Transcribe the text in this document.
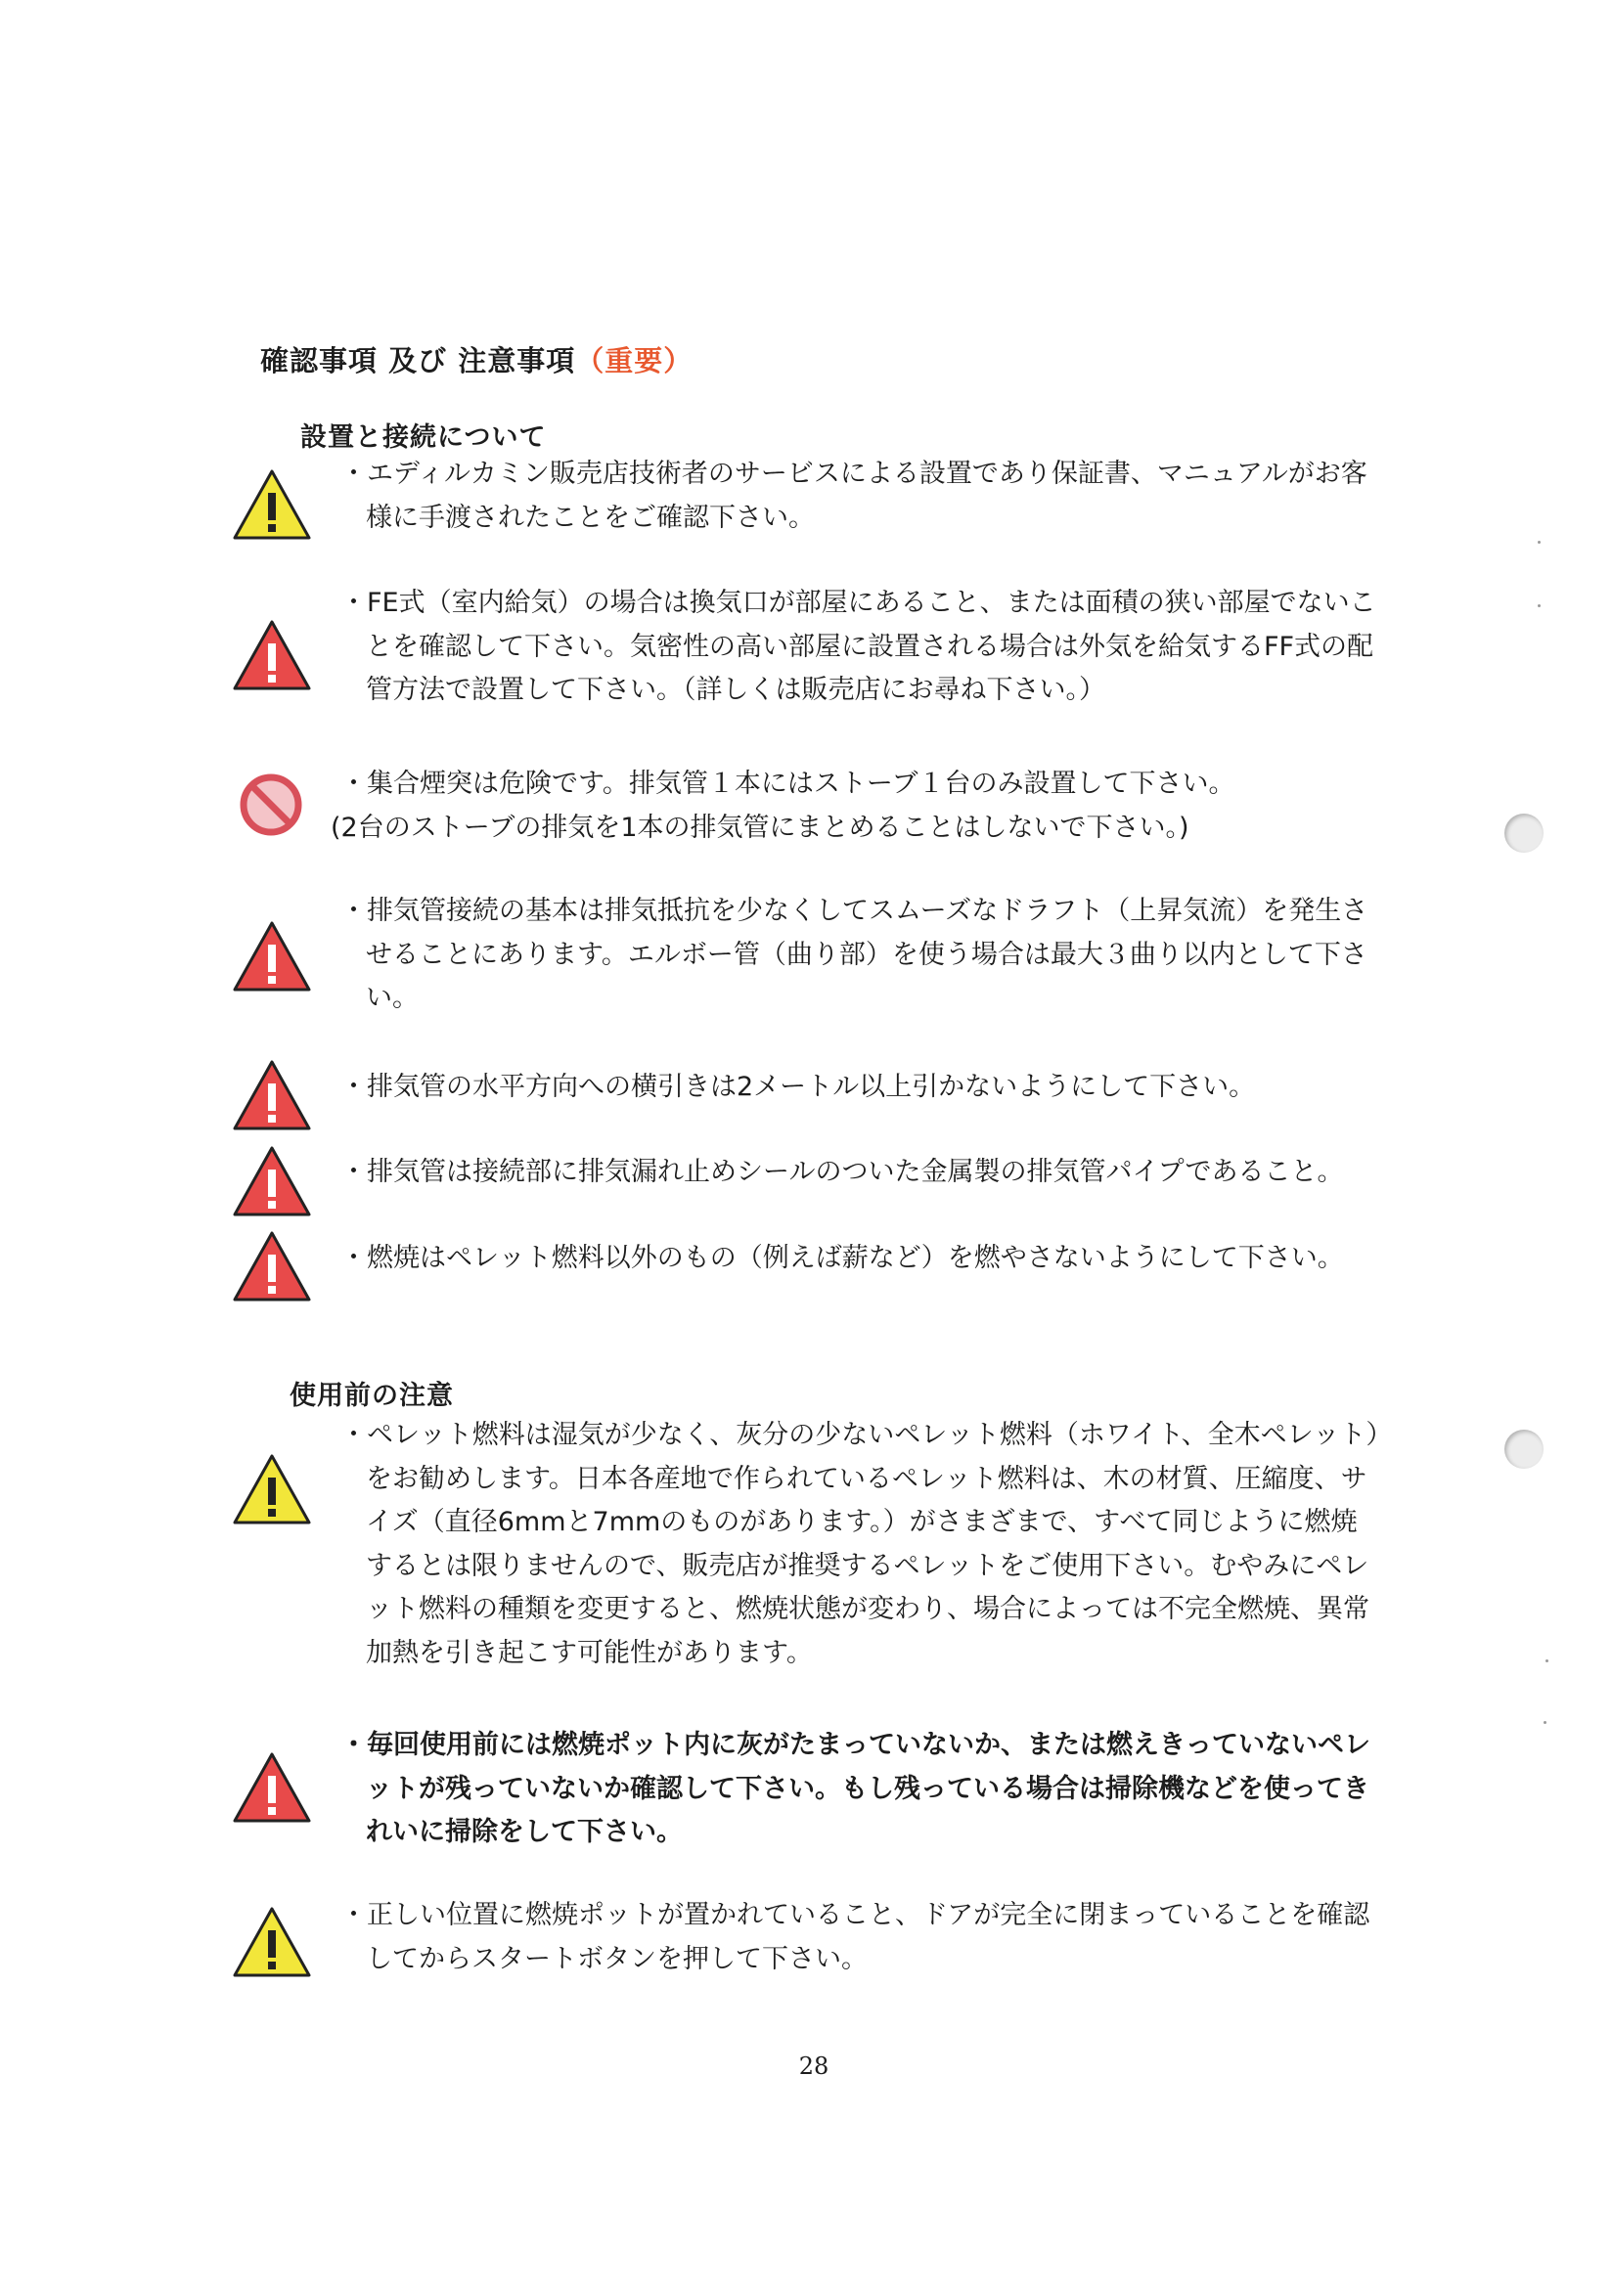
確認事項 及び 注意事項（重要）
設置と接続について
・エディルカミン販売店技術者のサービスによる設置であり保証書、マニュアルがお客様に手渡されたことをご確認下さい。
・FE式（室内給気）の場合は換気口が部屋にあること、または面積の狭い部屋でないことを確認して下さい。気密性の高い部屋に設置される場合は外気を給気するFF式の配管方法で設置して下さい。（詳しくは販売店にお尋ね下さい。）
・集合煙突は危険です。排気管１本にはストーブ１台のみ設置して下さい。
(2台のストーブの排気を1本の排気管にまとめることはしないで下さい。)
・排気管接続の基本は排気抵抗を少なくしてスムーズなドラフト（上昇気流）を発生させることにあります。エルボー管（曲り部）を使う場合は最大３曲り以内として下さい。
・排気管の水平方向への横引きは2メートル以上引かないようにして下さい。
・排気管は接続部に排気漏れ止めシールのついた金属製の排気管パイプであること。
・燃焼はペレット燃料以外のもの（例えば薪など）を燃やさないようにして下さい。
使用前の注意
・ペレット燃料は湿気が少なく、灰分の少ないペレット燃料（ホワイト、全木ペレット）をお勧めします。日本各産地で作られているペレット燃料は、木の材質、圧縮度、サイズ（直径6mmと7mmのものがあります。）がさまざまで、すべて同じように燃焼するとは限りませんので、販売店が推奨するペレットをご使用下さい。むやみにペレット燃料の種類を変更すると、燃焼状態が変わり、場合によっては不完全燃焼、異常加熱を引き起こす可能性があります。
・毎回使用前には燃焼ポット内に灰がたまっていないか、または燃えきっていないペレットが残っていないか確認して下さい。もし残っている場合は掃除機などを使ってきれいに掃除をして下さい。
・正しい位置に燃焼ポットが置かれていること、ドアが完全に閉まっていることを確認してからスタートボタンを押して下さい。
28
